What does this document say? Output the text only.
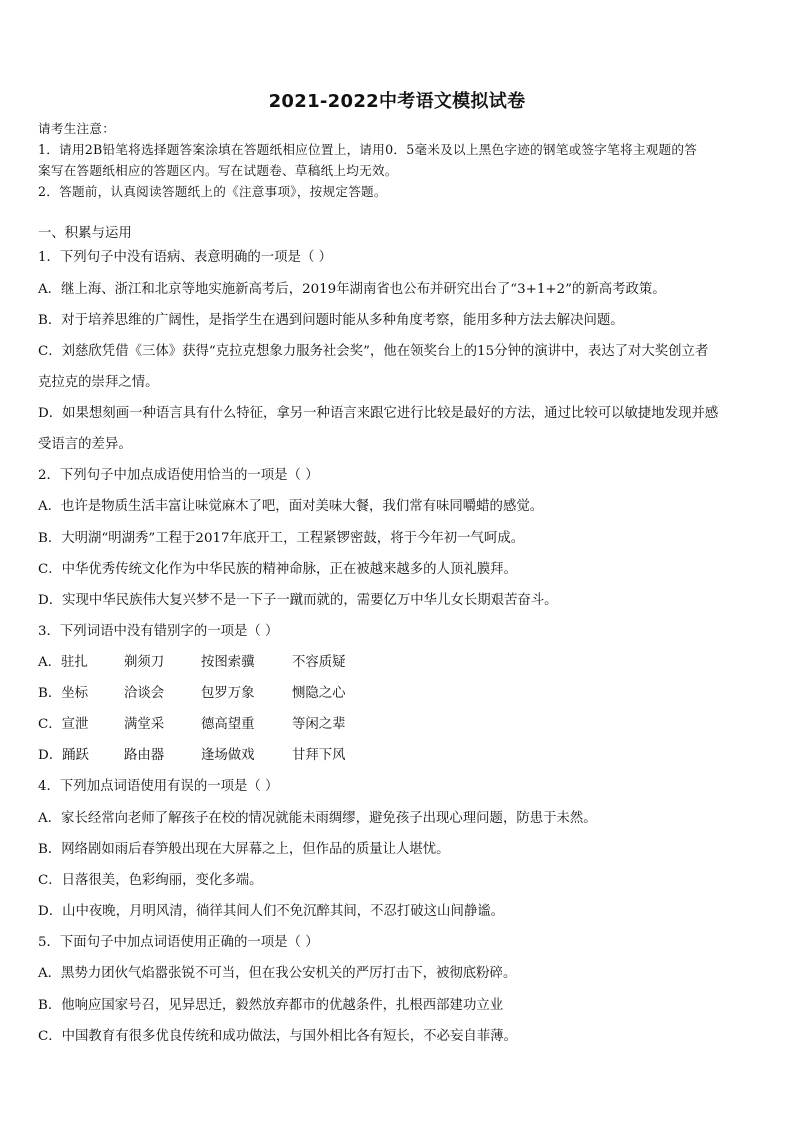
2021-2022中考语文模拟试卷
请考生注意：
1．请用2B铅笔将选择题答案涂填在答题纸相应位置上，请用0．5毫米及以上黑色字迹的钢笔或签字笔将主观题的答
案写在答题纸相应的答题区内。写在试题卷、草稿纸上均无效。
2．答题前，认真阅读答题纸上的《注意事项》，按规定答题。
一、积累与运用
1．下列句子中没有语病、表意明确的一项是（ ）
A．继上海、浙江和北京等地实施新高考后，2019年湖南省也公布并研究出台了“3+1+2”的新高考政策。
B．对于培养思维的广阔性，是指学生在遇到问题时能从多种角度考察，能用多种方法去解决问题。
C．刘慈欣凭借《三体》获得“克拉克想象力服务社会奖”，他在领奖台上的15分钟的演讲中，表达了对大奖创立者
克拉克的崇拜之情。
D．如果想刻画一种语言具有什么特征，拿另一种语言来跟它进行比较是最好的方法，通过比较可以敏捷地发现并感
受语言的差异。
2．下列句子中加点成语使用恰当的一项是（ ）
A．也许是物质生活丰富让味觉麻木了吧，面对美味大餐，我们常有味同嚼蜡的感觉。
B．大明湖“明湖秀”工程于2017年底开工，工程紧锣密鼓，将于今年初一气呵成。
C．中华优秀传统文化作为中华民族的精神命脉，正在被越来越多的人顶礼膜拜。
D．实现中华民族伟大复兴梦不是一下子一蹴而就的，需要亿万中华儿女长期艰苦奋斗。
3．下列词语中没有错别字的一项是（ ）
A．驻扎	剃须刀	按图索骥	不容质疑
B．坐标	洽谈会	包罗万象	恻隐之心
C．宣泄	满堂采	德高望重	等闲之辈
D．踊跃	路由器	逢场做戏	甘拜下风
4．下列加点词语使用有误的一项是（ ）
A．家长经常向老师了解孩子在校的情况就能未雨绸缪，避免孩子出现心理问题，防患于未然。
B．网络剧如雨后春笋般出现在大屏幕之上，但作品的质量让人堪忧。
C．日落很美，色彩绚丽，变化多端。
D．山中夜晚，月明风清，徜徉其间人们不免沉醉其间，不忍打破这山间静谧。
5．下面句子中加点词语使用正确的一项是（ ）
A．黑势力团伙气焰嚣张锐不可当，但在我公安机关的严厉打击下，被彻底粉碎。
B．他响应国家号召，见异思迁，毅然放弃都市的优越条件，扎根西部建功立业
C．中国教育有很多优良传统和成功做法，与国外相比各有短长，不必妄自菲薄。
